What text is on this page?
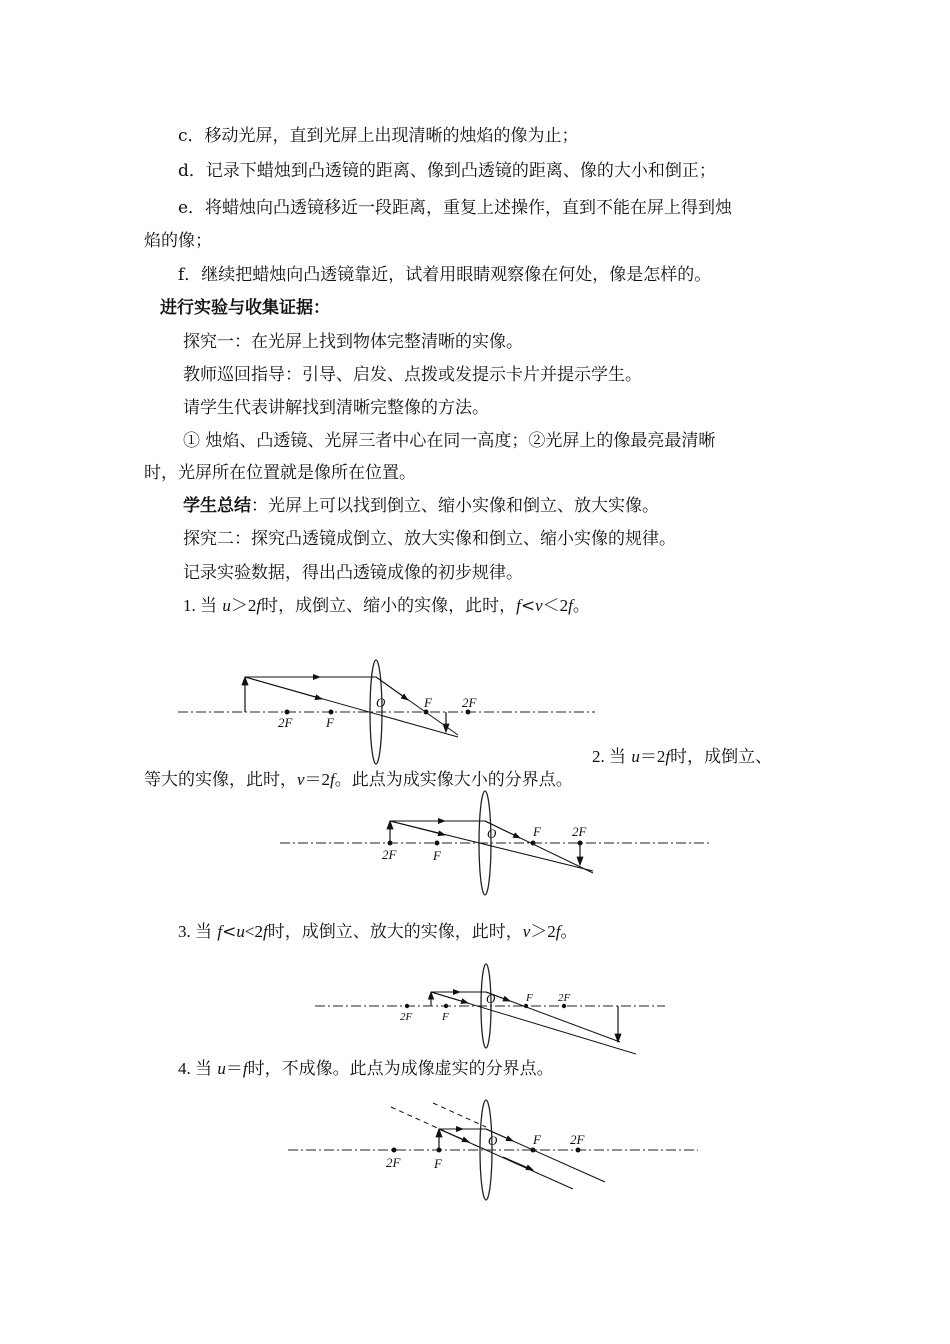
c．移动光屏，直到光屏上出现清晰的烛焰的像为止；
d．记录下蜡烛到凸透镜的距离、像到凸透镜的距离、像的大小和倒正；
e．将蜡烛向凸透镜移近一段距离，重复上述操作，直到不能在屏上得到烛
焰的像；
f．继续把蜡烛向凸透镜靠近，试着用眼睛观察像在何处，像是怎样的。
进行实验与收集证据：
探究一：在光屏上找到物体完整清晰的实像。
教师巡回指导：引导、启发、点拨或发提示卡片并提示学生。
请学生代表讲解找到清晰完整像的方法。
① 烛焰、凸透镜、光屏三者中心在同一高度；②光屏上的像最亮最清晰
时，光屏所在位置就是像所在位置。
学生总结：光屏上可以找到倒立、缩小实像和倒立、放大实像。
探究二：探究凸透镜成倒立、放大实像和倒立、缩小实像的规律。
记录实验数据，得出凸透镜成像的初步规律。
1. 当 u＞2f时，成倒立、缩小的实像，此时，f<v＜2f。
2F	F
O	F 2F
2. 当 u＝2f时，成倒立、
等大的实像，此时，v＝2f。此点为成实像大小的分界点。
2F	F
O	F 2F
3. 当 f<u<2f时，成倒立、放大的实像，此时，v＞2f。
2F	F
O	F 2F
4. 当 u＝f时，不成像。此点为成像虚实的分界点。
2F	F
O	F 2F
